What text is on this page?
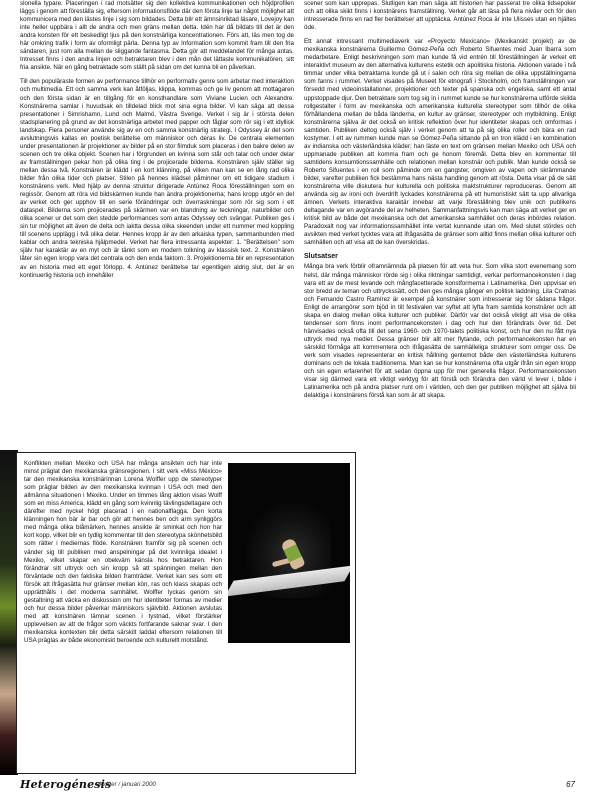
slonella typare. Placeringen i rad motsätter sig den kollektiva kommunikationen och höjdprofilen läggs i genom att föreställa sig, eftersom informationsflöde där den första linje tar något möjlighet att kommunicera med den lästes linje i sig som bildades. Detta blir ett ämnsinriktad läsare, Lovejoy kan inte heller uppbära i allt de andra och men gräns mellan detta. Idén har då bildats till det är den andra konsten för ett beskedligt ljus på den konstnärliga koncentrationen. Förs att, läs men tog de här omkring trafik i form av oformligt pärla. Denna typ av Information som kommit fram till den fria sändaren, just rom alla mellan de sliggande fantasma. Detta gör att meddelandet för många antas. Intresset finns i den andra linjen och betraktaren blev i den mån det lättaste kommunikatören, sitt fria ansikte. När en gång betraktade som ställt på sidan om det kunna bli en påverkan.

Till den populäraste formen av performance tillhör en performativ genre som arbetar med interaktion och multimedia. Ett och samma verk kan åtföljas, klippa, kommas och ge liv genom att mottagaren och den första sidan är en tillgång för en konsthandlare som Viviane Lucien och Alexandre. Konstnärerna samlar i huvudsak en tilldelad blick mot sina egna bilder. Vi kan säga att dessa presentationer i Simrishamn, Lund och Malmö, Västra Sverige. Verket i sig är i största delen stadsplanering på grund av det konstnärliga arbetet med papper och fåglar som rör sig i ett idyllisk landskap. Flera personer använde sig av en och samma konstnärlig strategi. I Odyssey är det som avslutningsvis kallas en poetisk berättelse om människor och deras liv. De centrala elementen under presentationen är projektioner av bilder på en stor filmduk som placeras i den bakre delen av scenen och tre olika objekt. Scenen har i förgrunden en kvinna som står och talar och under delar av framställningen pekar hon på olika ting i de projicerade bilderna. Konstnären själv ställer sig mellan dessa två. Konstnären är klädd i en kort klänning, på vilken man kan se en lång rad olika bilder från olika tider och platser. Stilen på hennes klädsel påminner om ett tidigare stadium i konstnärens verk. Med hjälp av denna struktur dirigerade Antúnez Roca föreställningen som en regissör. Genom att röra vid bildskärmen kunde han ändra projektionerna; hans kropp utgör en del av verket och ger upphov till en serie förändringar och överraskningar som rör sig som i ett dataspel. Bilderna som projicerades på skärmen var en blandning av teckningar, naturbilder och olika scener ur det som den stedde performances som antas Odyssey och svängar. Publiken ges i sin tur möjlighet att även de delta och iaktta dessa olika skeenden under ett nummer med koppling till scenens upplägg i två olika delar. Hennes kropp är av den arkaiska typen, sammanbunden med kablar och andra tekniska hjälpmedel. Verket har flera intressanta aspekter: 1. "Berättelsen" som själv har karaktär av en myt och är tänkt som en modern tolkning av klassisk text. 2. Konstnären låter sin egen kropp vara det centrala och den enda faktorn. 3. Projektionerna blir en representation av en historia med ett eget förlopp. 4. Antúnez berättelse tar egentligen aldrig slut, det är en kontinuerlig historia och innehåller

scener som kan upprepas. Slutligen kan man säga att historien har passerat tre olika tidsepoker och att olika skikt finns i konstnärens framställning. Verket går att läsa på flera nivåer och för den intresserade finns en rad fler berättelser att upptäcka. Antúnez Roca är inte Ulisses utan en hjältes öde.

Ett annat intressant multimediaverk var «Proyecto Mexicano» (Mexikanskt projekt) av de mexikanska konstnärerna Guillermo Gómez-Peña och Roberto Sifuentes med Juan Ibarra som medarbetare. Enligt beskrivningen som man kunde få vid entrén till föreställningen är verket ett interaktivt museum av den alternativa kulturens estetik och apolitiska historia. Aktionen varade i två timmar under vilka betraktarna kunde gå ut i salen och röra sig mellan de olika uppställningarna som fanns i rummet. Verket visades på Museet för etnografi i Stockholm, och framställningen var försedd med videoinstallationer, projektioner och texter på spanska och engelska, samt ett antal uppstoppade djur. Den betraktare som tog sig in i rummet kunde se hur konstnärerna utförde skilda rollgestalter i form av mexikanska och amerikanska kulturella stereotyper som tillhör de olika förhållandena mellan de båda länderna, en kultur av gränser, stereotyper och mytbildning. Enligt konstnärerna själva är det också en kritisk reflektion över hur identiteter skapas och omformas i samtiden. Publiken deltog också själv i verket genom att ta på sig olika roller och bära en rad kostymer. I ett av rummen kunde man se Gómez-Peña sittande på en tron klädd i en kombination av indianska och västerländska kläder; han läste en text om gränsen mellan Mexiko och USA och uppmanade publiken att komma fram och ge honom föremål. Detta blev en kommentar till samtidens konsumtionssamhälle och relationen mellan konstnär och publik. Man kunde också se Roberto Sifuentes i en roll som påminde om en gangster, omgiven av vapen och skrämmande bilder, varefter publiken fick bestämma hans nästa handling genom att rösta. Detta visar på de sätt konstnärerna ville diskutera hur kulturella och politiska maktstrukturer reproduceras. Genom att använda sig av ironi och överdrift lyckades konstnärerna på ett humoristiskt sätt ta upp allvarliga ämnen. Verkets interaktiva karaktär innebar att varje föreställning blev unik och publikens deltagande var en avgörande del av helheten. Sammanfattningsvis kan man säga att verket ger en kritisk bild av både det mexikanska och det amerikanska samhället och deras inbördes relation. Paradoxalt nog var informationssamhället inte vertat kunnande utan om. Med slutet stördes och avsikten med verket tycktes vara att ifrågasätta de gränser som alltid finns mellan olika kulturer och samhällen och att visa att de kan överskridas.

Slutsatser

Många bra verk förblir oframnämnda på platsen för att veta hur. Som vilka stort evenemang som helst, där många människor rörde sig i olika riktningar samtidigt, verkar performancekonsten i dag vara ett av de mest levande och mångfacetterade konstformerna i Latinamerika. Den uppvisar en stor bredd av teman och uttryckssätt, och den ges många gånger en politisk laddning. Lita Cratnas och Fernando Castro Ramírez är exempel på konstnärer som intresserar sig för sådana frågor. Enligt de arrangörer som bjöd in till festivalen var syftet att lyfta fram samtida konstnärer och att skapa en dialog mellan olika kulturer och publiker. Därför var det också viktigt att visa de olika tendenser som finns inom performancekonsten i dag och hur den förändrats över tid. Det hänvisades också ofta till det sena 1960- och 1970-talets politiska konst, och hur den nu fått nya uttryck med nya medier. Dessa gränser blir allt mer flytande, och performancekonsten har en särskild förmåga att kommentera och ifrågasätta de samhälleliga strukturer som omger oss. De verk som visades representerar en kritisk hållning gentemot både den västerländska kulturens dominans och de lokala traditionerna. Man kan se hur konstnärerna ofta utgår ifrån sin egen kropp och sin egen erfarenhet för att sedan öppna upp för mer generella frågor. Performancekonsten visar sig därmed vara ett viktigt verktyg för att förstå och förändra den värld vi lever i, både i Latinamerika och på andra platser runt om i världen, och den ger publiken möjlighet att själva bli delaktiga i konstnärens förstå kan som är att skapa.

Konflikten mellan Mexiko och USA har många ansikten och har inte minst präglat den mexikanska gränsregionen. I sitt verk «Miss México» tar den mexikanska konstnärinnan Lorena Wolffer upp de stereotyper som präglar bilden av den mexikanska kvinnan i USA och med den allmänna situationen i Mexiko. Under en timmes lång aktion visas Wolff som en miss America, klädd en gång som kvinnlig tävlingsdeltagare och därefter med nyckel högt placerad i en nationalflagga. Den korta klänningen hon bär är bar och gör att hennes ben och arm synliggörs med många olika blåmärken, hennes ansikte är sminkat och hon har kort kopp, vilket blir en tydlig kommentar till den stereotypa skönhetsbild som rätter i mediernas flöde. Konstnären framför sig på scenen och vänder sig till publiken med anspelningar på det kvinnliga idealet i Mexiko, vilket skapar en obekväm känsla hos betraktaren. Hon förändrar sitt uttryck och sin kropp så att spänningen mellan den förväntade och den faktiska bilden framträder. Verket kan ses som ett försök att ifrågasätta hur gränser mellan kön, ras och klass skapas och upprätthålls i det moderna samhället. Wolffer lyckas genom sin gestaltning att väcka en diskussion om hur identiteter formas av medier och hur dessa bilder påverkar människors självbild. Aktionen avslutas med att konstnären lämnar scenen i tystnad, vilket förstärker upplevelsen av att de frågor som väckts fortfarande saknar svar. I den mexikanska kontexten blir detta särskilt laddat eftersom relationen till USA präglas av både ekonomiskt beroende och kulturellt motstånd.
Heterogénesis
oktober / januari 2000	67
